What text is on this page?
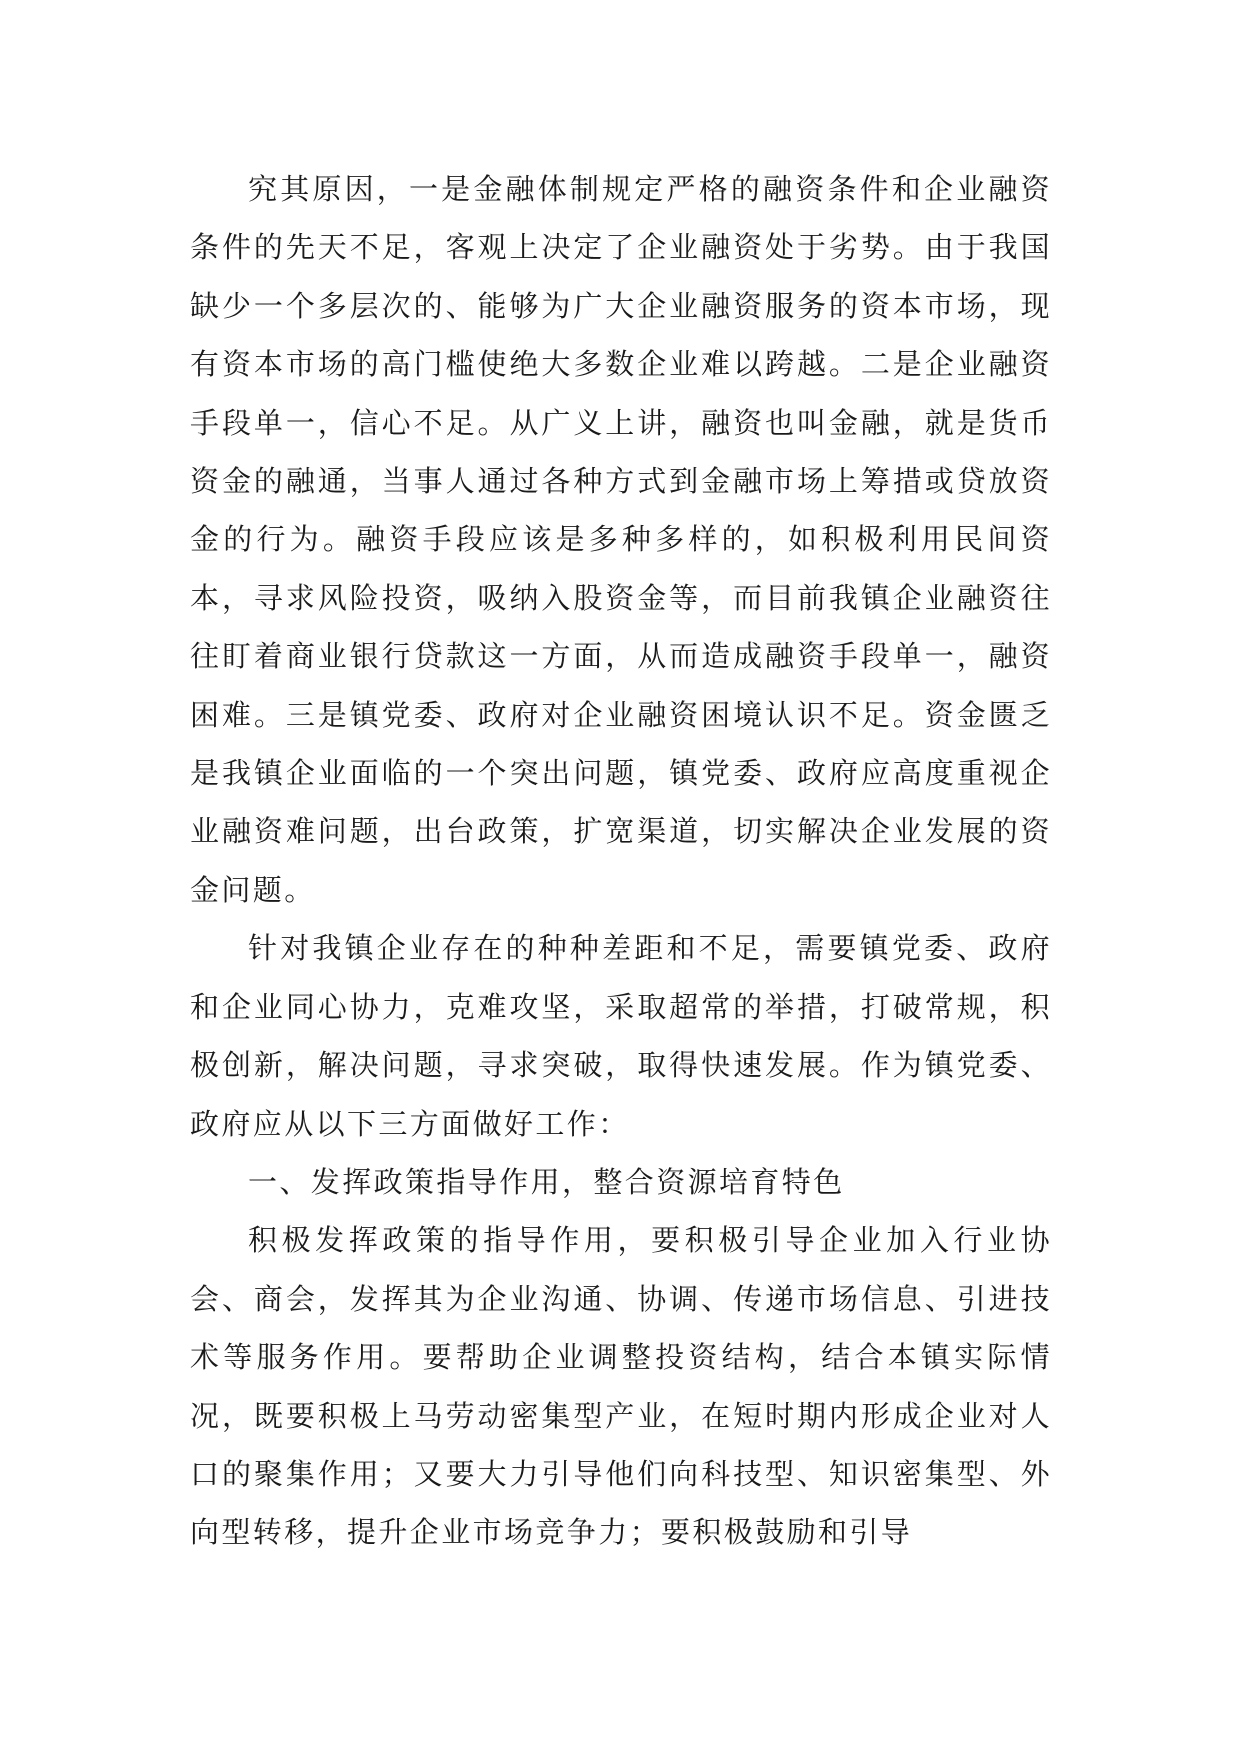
究其原因，一是金融体制规定严格的融资条件和企业融资条件的先天不足，客观上决定了企业融资处于劣势。由于我国缺少一个多层次的、能够为广大企业融资服务的资本市场，现有资本市场的高门槛使绝大多数企业难以跨越。二是企业融资手段单一，信心不足。从广义上讲，融资也叫金融，就是货币资金的融通，当事人通过各种方式到金融市场上筹措或贷放资金的行为。融资手段应该是多种多样的，如积极利用民间资本，寻求风险投资，吸纳入股资金等，而目前我镇企业融资往往盯着商业银行贷款这一方面，从而造成融资手段单一，融资困难。三是镇党委、政府对企业融资困境认识不足。资金匮乏是我镇企业面临的一个突出问题，镇党委、政府应高度重视企业融资难问题，出台政策，扩宽渠道，切实解决企业发展的资金问题。

针对我镇企业存在的种种差距和不足，需要镇党委、政府和企业同心协力，克难攻坚，采取超常的举措，打破常规，积极创新，解决问题，寻求突破，取得快速发展。作为镇党委、政府应从以下三方面做好工作：

一、发挥政策指导作用，整合资源培育特色

积极发挥政策的指导作用，要积极引导企业加入行业协会、商会，发挥其为企业沟通、协调、传递市场信息、引进技术等服务作用。要帮助企业调整投资结构，结合本镇实际情况，既要积极上马劳动密集型产业，在短时期内形成企业对人口的聚集作用；又要大力引导他们向科技型、知识密集型、外向型转移，提升企业市场竞争力；要积极鼓励和引导
